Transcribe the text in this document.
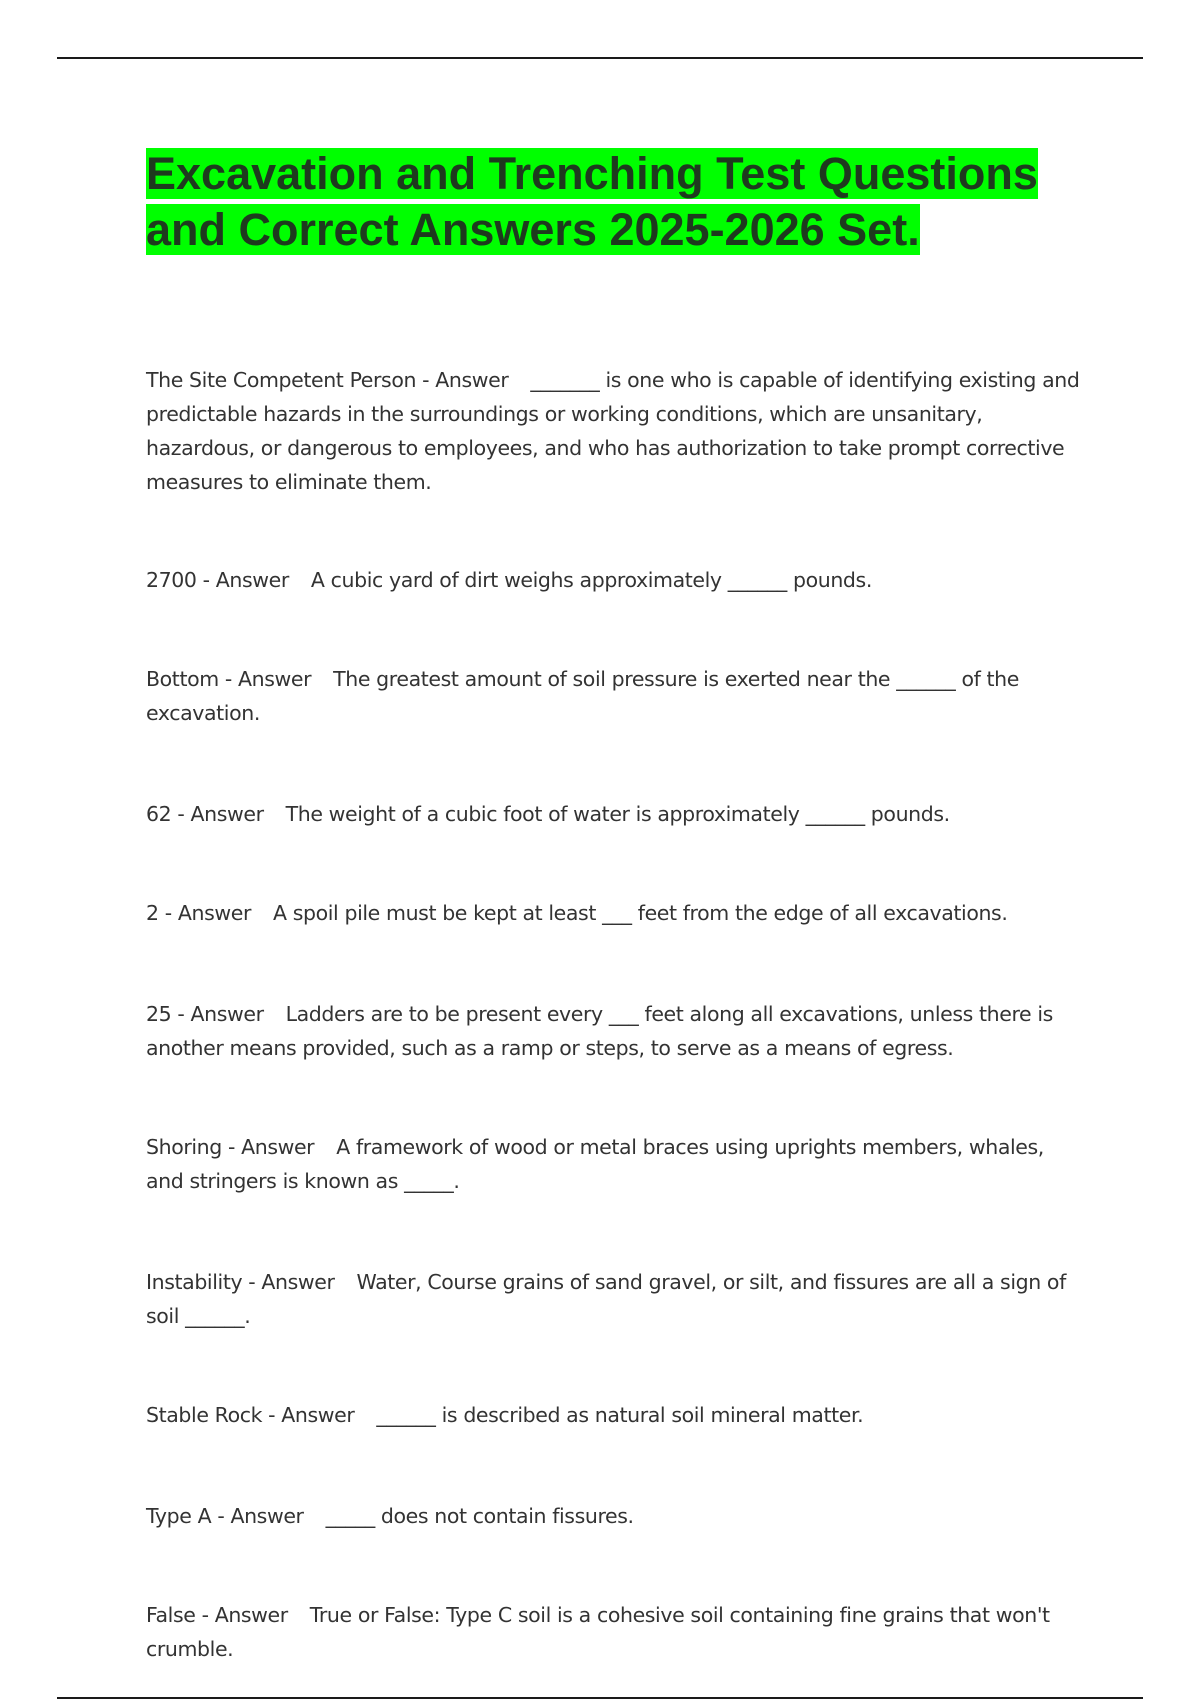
Excavation and Trenching Test Questions and Correct Answers 2025-2026 Set.

The Site Competent Person - Answer _______ is one who is capable of identifying existing and predictable hazards in the surroundings or working conditions, which are unsanitary, hazardous, or dangerous to employees, and who has authorization to take prompt corrective measures to eliminate them.

2700 - Answer A cubic yard of dirt weighs approximately ______ pounds.

Bottom - Answer The greatest amount of soil pressure is exerted near the ______ of the excavation.

62 - Answer The weight of a cubic foot of water is approximately ______ pounds.

2 - Answer A spoil pile must be kept at least ___ feet from the edge of all excavations.

25 - Answer Ladders are to be present every ___ feet along all excavations, unless there is another means provided, such as a ramp or steps, to serve as a means of egress.

Shoring - Answer A framework of wood or metal braces using uprights members, whales, and stringers is known as _____.

Instability - Answer Water, Course grains of sand gravel, or silt, and fissures are all a sign of soil ______.

Stable Rock - Answer ______ is described as natural soil mineral matter.

Type A - Answer _____ does not contain fissures.

False - Answer True or False: Type C soil is a cohesive soil containing fine grains that won't crumble.
